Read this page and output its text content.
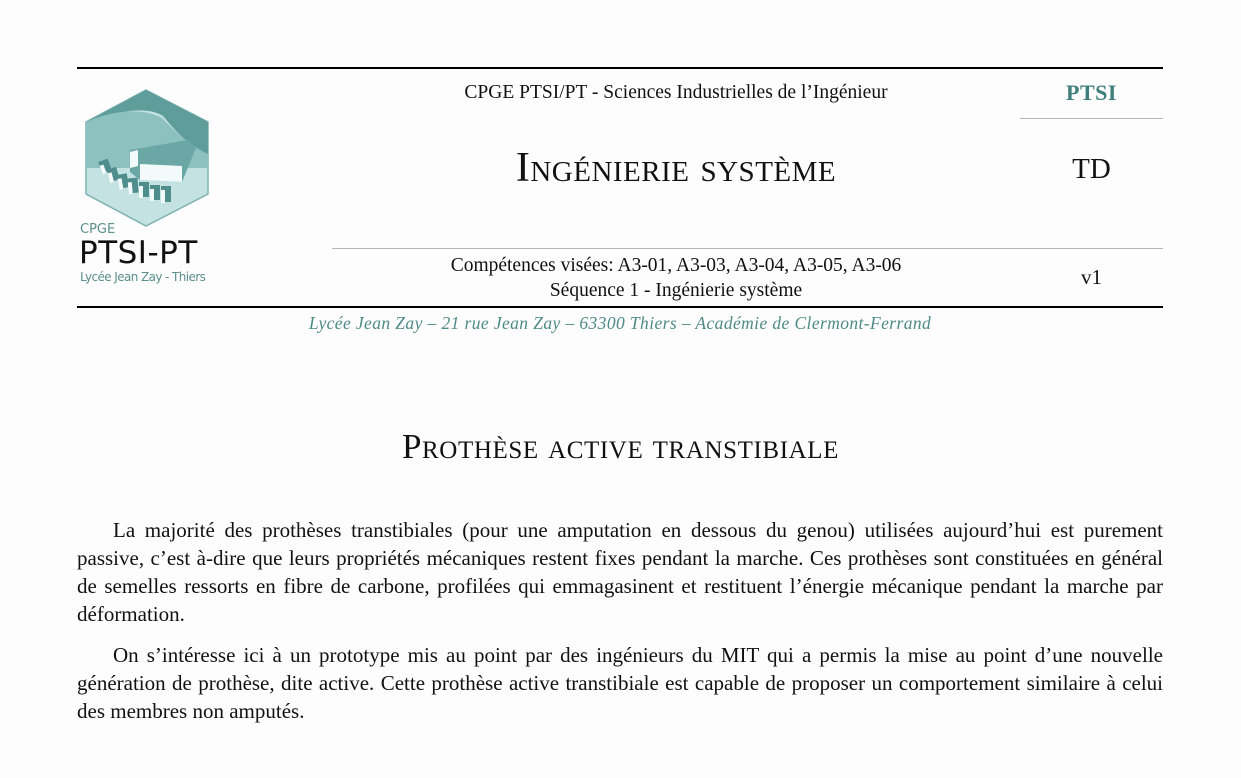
CPGE
PTSI-PT
Lycée Jean Zay - Thiers
CPGE PTSI/PT - Sciences Industrielles de l’Ingénieur
Ingénierie système
Compétences visées: A3-01, A3-03, A3-04, A3-05, A3-06
Séquence 1 - Ingénierie système
PTSI
TD
v1
Lycée Jean Zay – 21 rue Jean Zay – 63300 Thiers – Académie de Clermont-Ferrand
Prothèse active transtibiale

La majorité des prothèses transtibiales (pour une amputation en dessous du genou) utilisées aujourd’hui est purement passive, c’est à-dire que leurs propriétés mécaniques restent fixes pendant la marche. Ces prothèses sont constituées en général de semelles ressorts en fibre de carbone, profilées qui emmagasinent et restituent l’énergie mécanique pendant la marche par déformation.

On s’intéresse ici à un prototype mis au point par des ingénieurs du MIT qui a permis la mise au point d’une nouvelle génération de prothèse, dite active. Cette prothèse active transtibiale est capable de proposer un comportement similaire à celui des membres non amputés.
